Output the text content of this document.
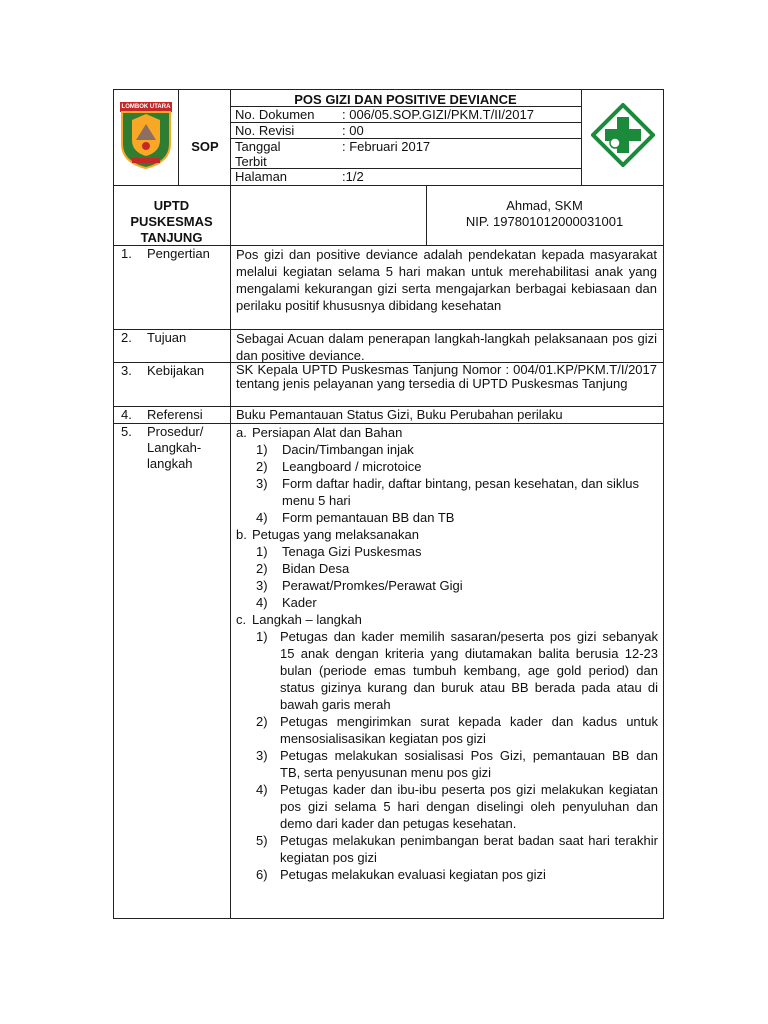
LOMBOK UTARA
SOP
POS GIZI DAN POSITIVE DEVIANCE
No. Dokumen : 006/05.SOP.GIZI/PKM.T/II/2017
No. Revisi	: 00
Tanggal
Terbit
: Februari 2017
Halaman	:1/2
UPTD
PUSKESMAS
TANJUNG
Ahmad, SKM
NIP. 197801012000031001
1. Pengertian
2. Tujuan
3. Kebijakan
4. Referensi
5. Prosedur/
Langkah-
langkah
Pos gizi dan positive deviance adalah pendekatan kepada masyarakat melalui kegiatan selama 5 hari makan untuk merehabilitasi anak yang mengalami kekurangan gizi serta mengajarkan berbagai kebiasaan dan perilaku positif khususnya dibidang kesehatan
Sebagai Acuan dalam penerapan langkah-langkah pelaksanaan pos gizi dan positive deviance.
SK Kepala UPTD Puskesmas Tanjung Nomor : 004/01.KP/PKM.T/I/2017 tentang jenis pelayanan yang tersedia di UPTD Puskesmas Tanjung
Buku Pemantauan Status Gizi, Buku Perubahan perilaku
a. Persiapan Alat dan Bahan
1) Dacin/Timbangan injak
2) Leangboard / microtoice
3) Form daftar hadir, daftar bintang, pesan kesehatan, dan siklus menu 5 hari
4) Form pemantauan BB dan TB
b. Petugas yang melaksanakan
1) Tenaga Gizi Puskesmas
2) Bidan Desa
3) Perawat/Promkes/Perawat Gigi
4) Kader
c. Langkah – langkah
1) Petugas dan kader memilih sasaran/peserta pos gizi sebanyak 15 anak dengan kriteria yang diutamakan balita berusia 12-23 bulan (periode emas tumbuh kembang, age gold period) dan status gizinya kurang dan buruk atau BB berada pada atau di bawah garis merah
2) Petugas mengirimkan surat kepada kader dan kadus untuk mensosialisasikan kegiatan pos gizi
3) Petugas melakukan sosialisasi Pos Gizi, pemantauan BB dan TB, serta penyusunan menu pos gizi
4) Petugas kader dan ibu-ibu peserta pos gizi melakukan kegiatan pos gizi selama 5 hari dengan diselingi oleh penyuluhan dan demo dari kader dan petugas kesehatan.
5) Petugas melakukan penimbangan berat badan saat hari terakhir kegiatan pos gizi
6) Petugas melakukan evaluasi kegiatan pos gizi
